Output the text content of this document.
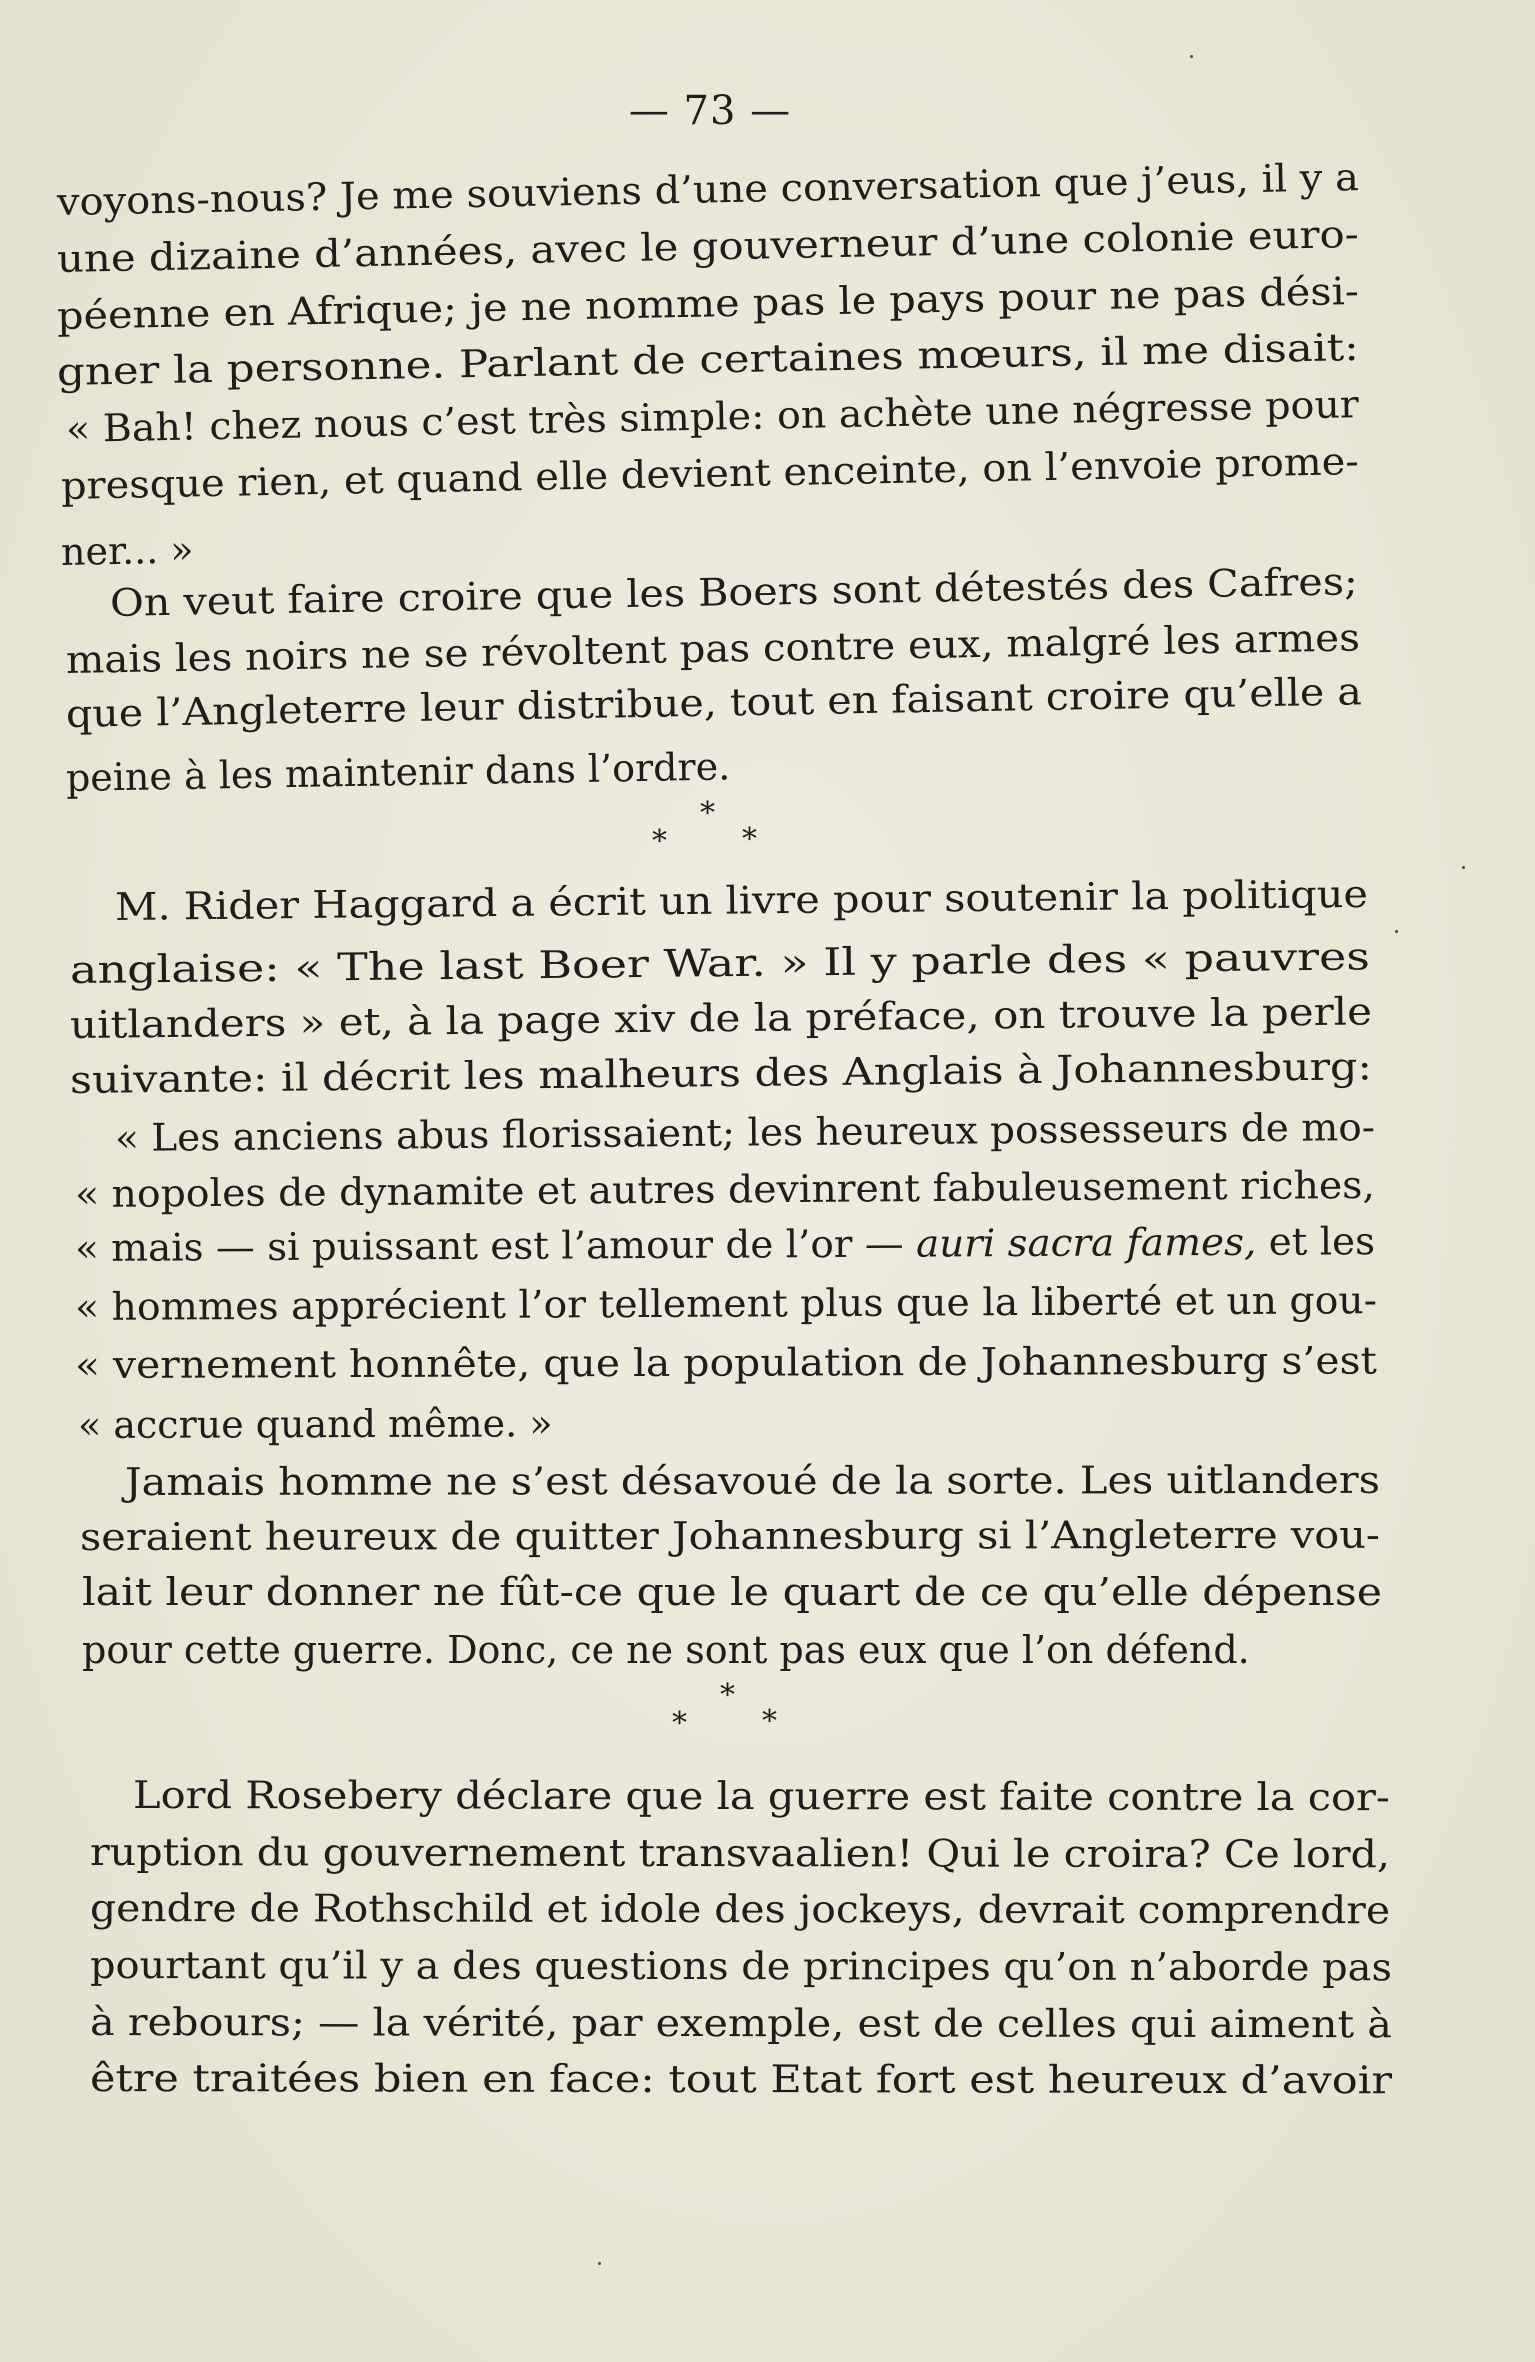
— 73 —
voyons-nous? Je me souviens d’une conversation que j’eus, il y a
une dizaine d’années, avec le gouverneur d’une colonie euro-
péenne en Afrique; je ne nomme pas le pays pour ne pas dési-
gner la personne. Parlant de certaines mœurs, il me disait:
« Bah! chez nous c’est très simple: on achète une négresse pour
presque rien, et quand elle devient enceinte, on l’envoie prome-
ner... »
On veut faire croire que les Boers sont détestés des Cafres;
mais les noirs ne se révoltent pas contre eux, malgré les armes
que l’Angleterre leur distribue, tout en faisant croire qu’elle a
peine à les maintenir dans l’ordre.
*
*	*
M. Rider Haggard a écrit un livre pour soutenir la politique
anglaise: « The last Boer War. » Il y parle des « pauvres
uitlanders » et, à la page xiv de la préface, on trouve la perle
suivante: il décrit les malheurs des Anglais à Johannesburg:
« Les anciens abus florissaient; les heureux possesseurs de mo-
« nopoles de dynamite et autres devinrent fabuleusement riches,
« mais — si puissant est l’amour de l’or — auri sacra fames, et les
« hommes apprécient l’or tellement plus que la liberté et un gou-
« vernement honnête, que la population de Johannesburg s’est
« accrue quand même. »
Jamais homme ne s’est désavoué de la sorte. Les uitlanders
seraient heureux de quitter Johannesburg si l’Angleterre vou-
lait leur donner ne fût-ce que le quart de ce qu’elle dépense
pour cette guerre. Donc, ce ne sont pas eux que l’on défend.
*
*	*
Lord Rosebery déclare que la guerre est faite contre la cor-
ruption du gouvernement transvaalien! Qui le croira? Ce lord,
gendre de Rothschild et idole des jockeys, devrait comprendre
pourtant qu’il y a des questions de principes qu’on n’aborde pas
à rebours; — la vérité, par exemple, est de celles qui aiment à
être traitées bien en face: tout Etat fort est heureux d’avoir
